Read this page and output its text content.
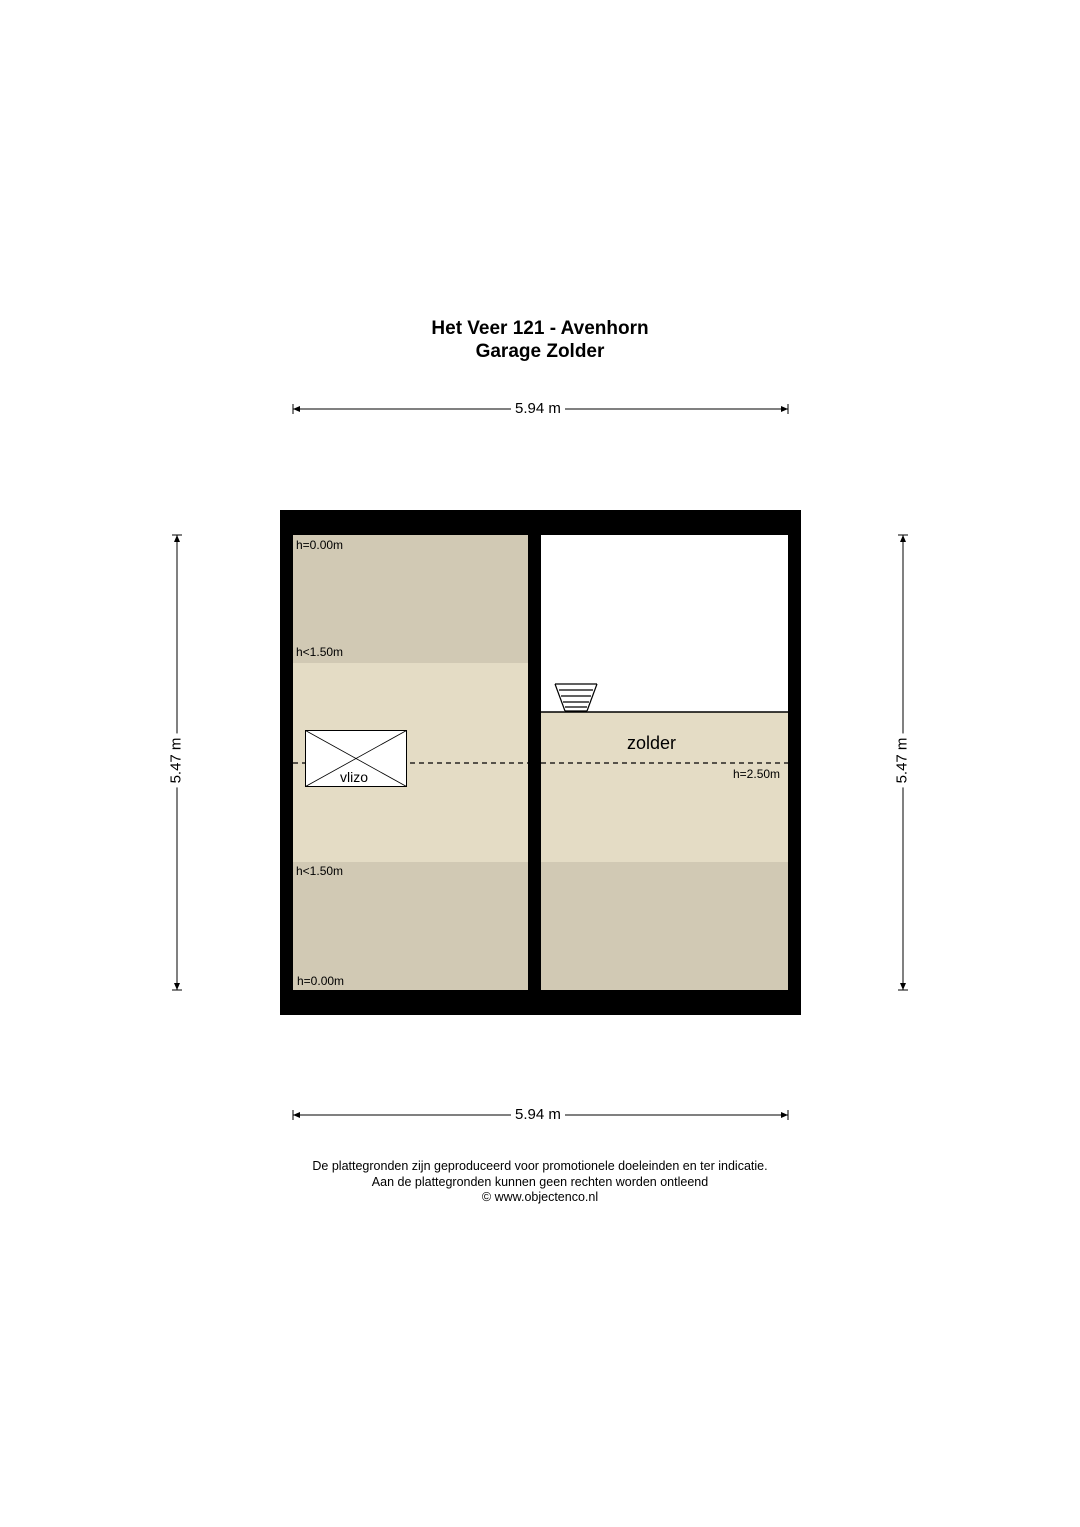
Het Veer 121 - Avenhorn
Garage Zolder
5.94 m
5.94 m
5.47 m	5.47 m
h=0.00m
h<1.50m
h<1.50m
h=0.00m
vlizo
zolder
h=2.50m
De plattegronden zijn geproduceerd voor promotionele doeleinden en ter indicatie.
Aan de plattegronden kunnen geen rechten worden ontleend
© www.objectenco.nl
